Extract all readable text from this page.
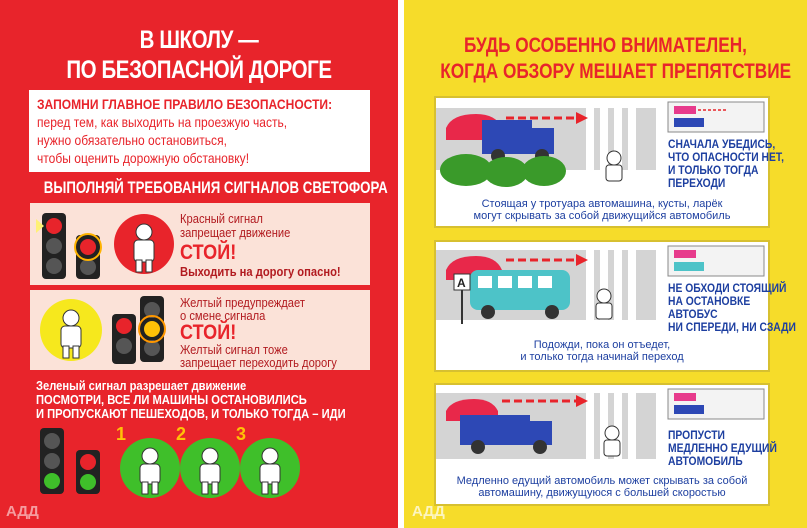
В ШКОЛУ —
ПО БЕЗОПАСНОЙ ДОРОГЕ
ЗАПОМНИ ГЛАВНОЕ ПРАВИЛО БЕЗОПАСНОСТИ:
перед тем, как выходить на проезжую часть,
нужно обязательно остановиться,
чтобы оценить дорожную обстановку!
ВЫПОЛНЯЙ ТРЕБОВАНИЯ СИГНАЛОВ СВЕТОФОРА
Красный сигнал
запрещает движение
СТОЙ!
Выходить на дорогу опасно!
Желтый предупреждает
о смене сигнала
СТОЙ!
Желтый сигнал тоже
запрещает переходить дорогу
Зеленый сигнал разрешает движение
ПОСМОТРИ, ВСЕ ЛИ МАШИНЫ ОСТАНОВИЛИСЬ
И ПРОПУСКАЮТ ПЕШЕХОДОВ, И ТОЛЬКО ТОГДА – ИДИ
1	2	3
АДД
БУДЬ ОСОБЕННО ВНИМАТЕЛЕН,
КОГДА ОБЗОРУ МЕШАЕТ ПРЕПЯТСТВИЕ
СНАЧАЛА УБЕДИСЬ,
ЧТО ОПАСНОСТИ НЕТ,
И ТОЛЬКО ТОГДА
ПЕРЕХОДИ
Стоящая у тротуара автомашина, кусты, ларёк
могут скрывать за собой движущийся автомобиль
А	НЕ ОБХОДИ СТОЯЩИЙ
НА ОСТАНОВКЕ
АВТОБУС
НИ СПЕРЕДИ, НИ СЗАДИ
Подожди, пока он отъедет,
и только тогда начинай переход
ПРОПУСТИ
МЕДЛЕННО ЕДУЩИЙ
АВТОМОБИЛЬ
Медленно едущий автомобиль может скрывать за собой
автомашину, движущуюся с большей скоростью
АДД
